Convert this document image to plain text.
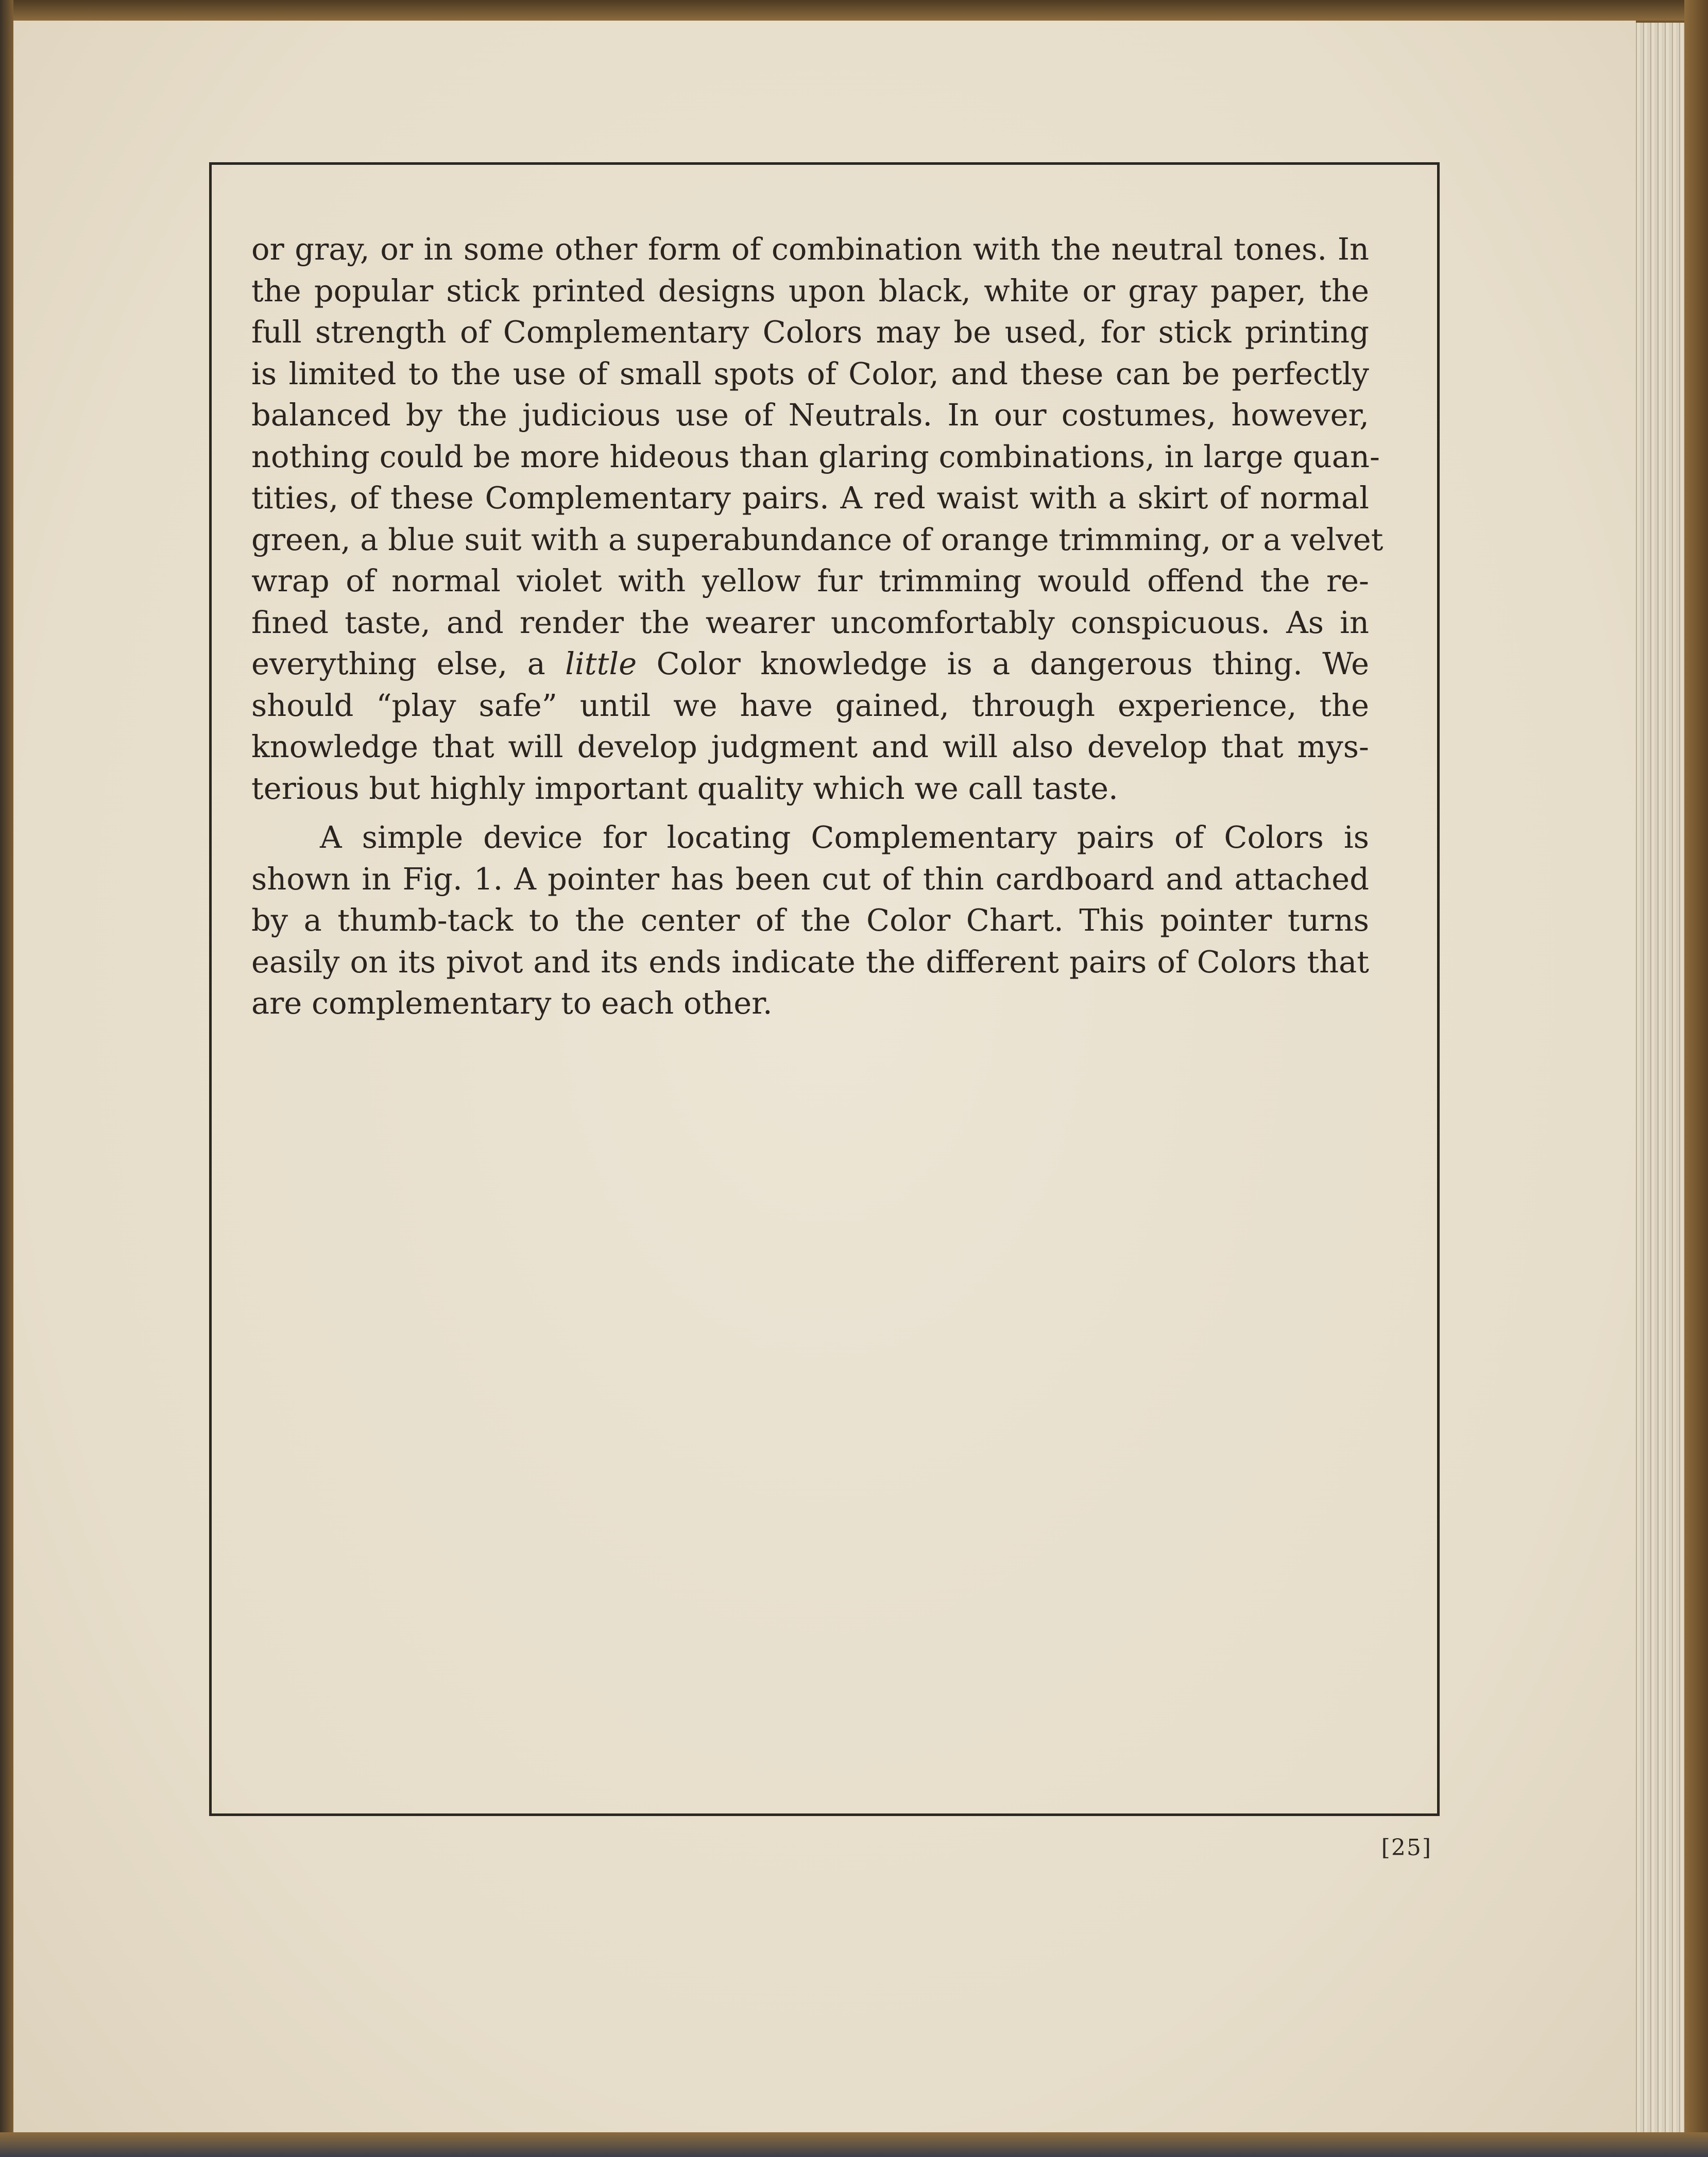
or gray, or in some other form of combination with the neutral tones. In
the popular stick printed designs upon black, white or gray paper, the
full strength of Complementary Colors may be used, for stick printing
is limited to the use of small spots of Color, and these can be perfectly
balanced by the judicious use of Neutrals. In our costumes, however,
nothing could be more hideous than glaring combinations, in large quan-
tities, of these Complementary pairs. A red waist with a skirt of normal
green, a blue suit with a superabundance of orange trimming, or a velvet
wrap of normal violet with yellow fur trimming would offend the re-
fined taste, and render the wearer uncomfortably conspicuous. As in
everything else, a little Color knowledge is a dangerous thing. We
should “play safe” until we have gained, through experience, the
knowledge that will develop judgment and will also develop that mys-
terious but highly important quality which we call taste.
A simple device for locating Complementary pairs of Colors is
shown in Fig. 1. A pointer has been cut of thin cardboard and attached
by a thumb-tack to the center of the Color Chart. This pointer turns
easily on its pivot and its ends indicate the different pairs of Colors that
are complementary to each other.
[25]
